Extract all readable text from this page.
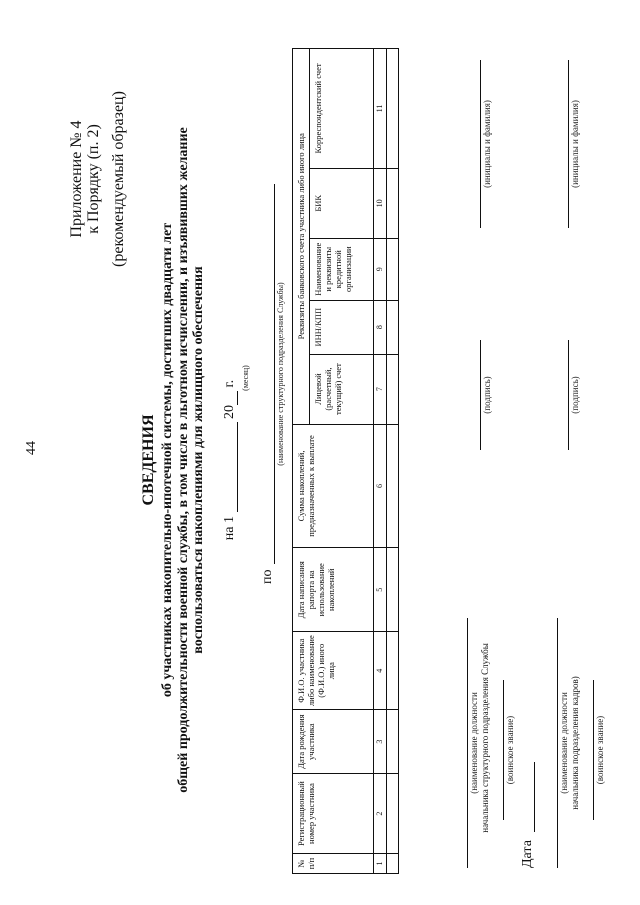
44
Приложение № 4 к Порядку (п. 2) (рекомендуемый образец)
СВЕДЕНИЯ об участниках накопительно-ипотечной системы, достигших двадцати лет общей продолжительности военной службы, в том числе в льготном исчислении, и изъявивших желание воспользоваться накоплениями для жилищного обеспечения на 1  20 г. (месяц)
по
(наименование структурного подразделения Службы)
№ п/п	Регистрационный номер участника	Дата рождения участника	Ф.И.О. участника либо наименование (Ф.И.О.) иного лица	Дата написания рапорта на использование накоплений	Сумма накоплений, предназначенных к выплате	Реквизиты банковского счета участника либо иного лица				
						Лицевой (расчетный, текущий) счет	ИНН/КПП	Наименование и реквизиты кредитной организации	БИК	Корреспондентский счет
1	2	3	4	5	6	7	8	9	10	11

(наименование должности начальника структурного подразделения Службы (воинское звание)
(подпись)
(инициалы и фамилия)
Дата
(наименование должности начальника подразделения кадров) (воинское звание)
(подпись)
(инициалы и фамилия)
